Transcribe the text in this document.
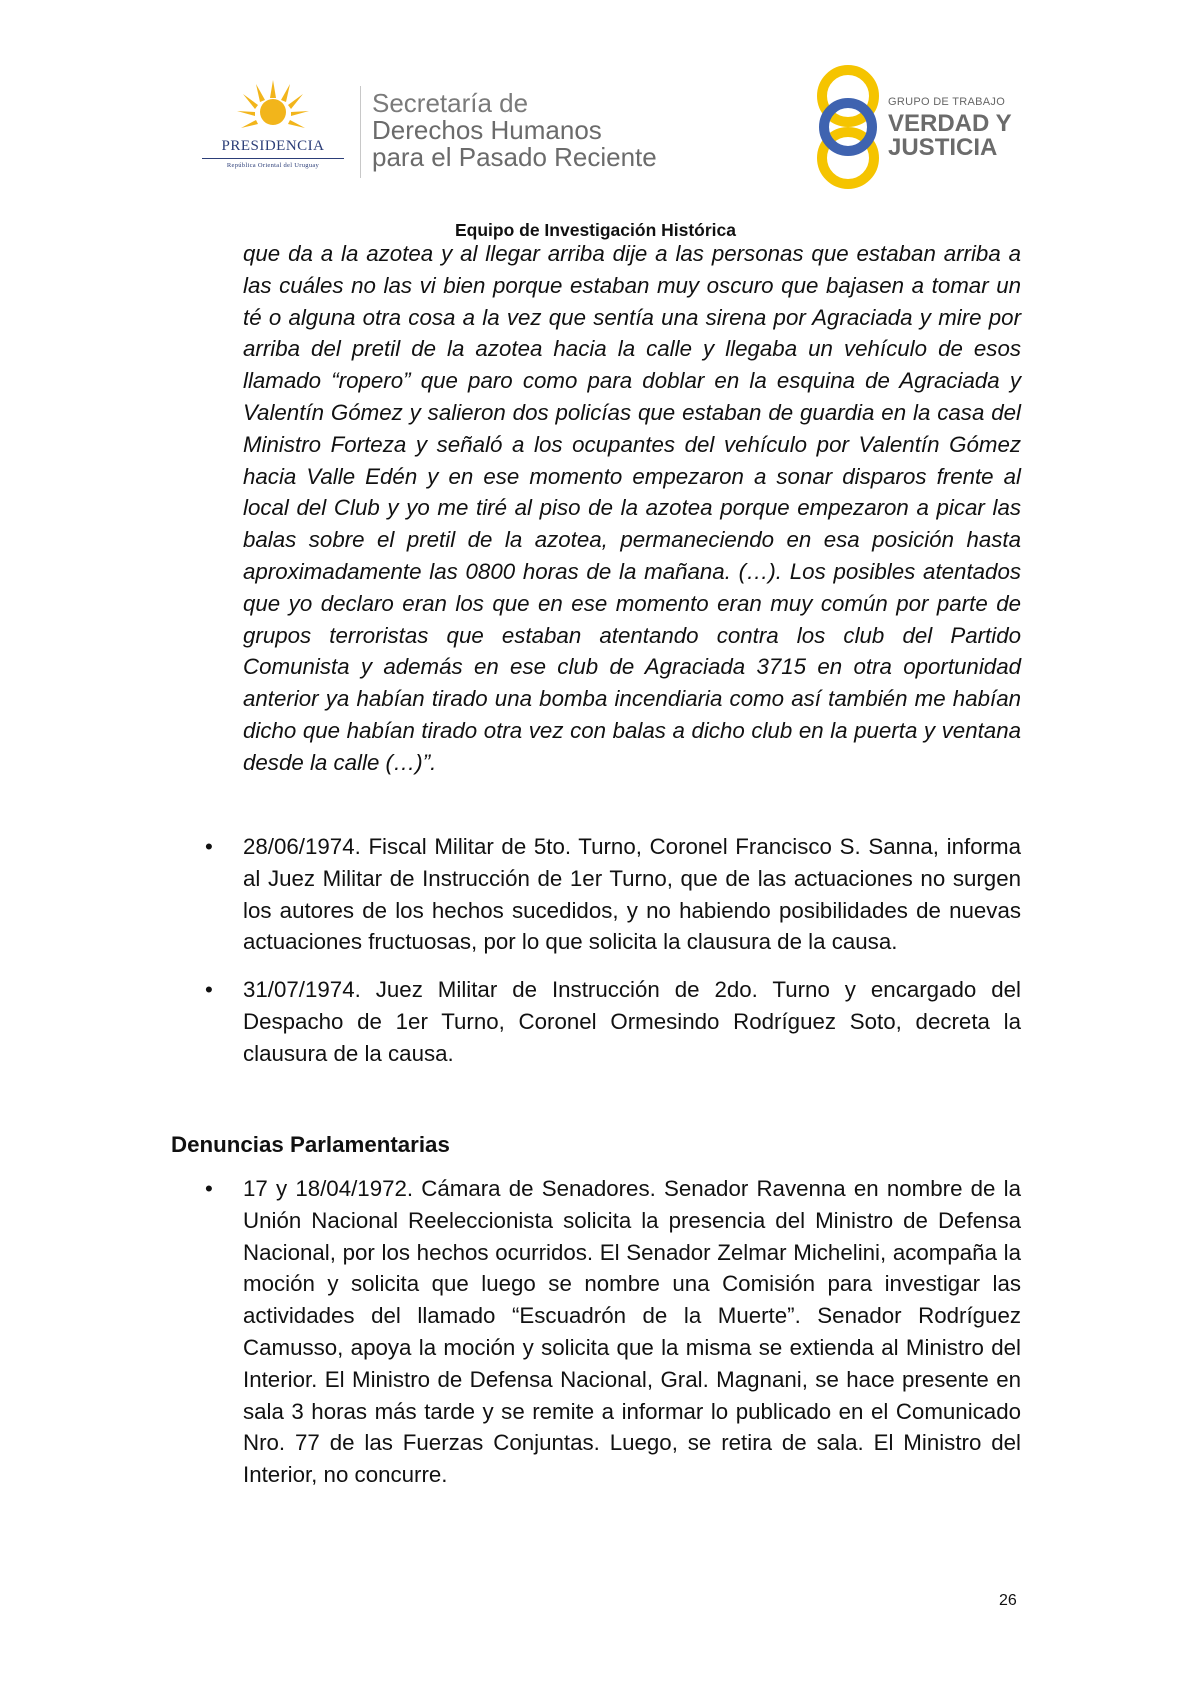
PRESIDENCIA
República Oriental del Uruguay
Secretaría de
Derechos Humanos
para el Pasado Reciente
GRUPO DE TRABAJO
VERDAD Y
JUSTICIA
Equipo de Investigación Histórica
que da a la azotea y al llegar arriba dije a las personas que estaban arriba a las cuáles no las vi bien porque estaban muy oscuro que bajasen a tomar un té o alguna otra cosa a la vez que sentía una sirena por Agraciada y mire por arriba del pretil de la azotea hacia la calle y llegaba un vehículo de esos llamado “ropero” que paro como para doblar en la esquina de Agraciada y Valentín Gómez y salieron dos policías que estaban de guardia en la casa del Ministro Forteza y señaló a los ocupantes del vehículo por Valentín Gómez hacia Valle Edén y en ese momento empezaron a sonar disparos frente al local del Club y yo me tiré al piso de la azotea porque empezaron a picar las balas sobre el pretil de la azotea, permaneciendo en esa posición hasta aproximadamente las 0800 horas de la mañana. (…). Los posibles atentados que yo declaro eran los que en ese momento eran muy común por parte de grupos terroristas que estaban atentando contra los club del Partido Comunista y además en ese club de Agraciada 3715 en otra oportunidad anterior ya habían tirado una bomba incendiaria como así también me habían dicho que habían tirado otra vez con balas a dicho club en la puerta y ventana desde la calle (…)”.
• 28/06/1974. Fiscal Militar de 5to. Turno, Coronel Francisco S. Sanna, informa al Juez Militar de Instrucción de 1er Turno, que de las actuaciones no surgen los autores de los hechos sucedidos, y no habiendo posibilidades de nuevas actuaciones fructuosas, por lo que solicita la clausura de la causa.
• 31/07/1974. Juez Militar de Instrucción de 2do. Turno y encargado del Despacho de 1er Turno, Coronel Ormesindo Rodríguez Soto, decreta la clausura de la causa.
Denuncias Parlamentarias
• 17 y 18/04/1972. Cámara de Senadores. Senador Ravenna en nombre de la Unión Nacional Reeleccionista solicita la presencia del Ministro de Defensa Nacional, por los hechos ocurridos. El Senador Zelmar Michelini, acompaña la moción y solicita que luego se nombre una Comisión para investigar las actividades del llamado “Escuadrón de la Muerte”. Senador Rodríguez Camusso, apoya la moción y solicita que la misma se extienda al Ministro del Interior. El Ministro de Defensa Nacional, Gral. Magnani, se hace presente en sala 3 horas más tarde y se remite a informar lo publicado en el Comunicado Nro. 77 de las Fuerzas Conjuntas. Luego, se retira de sala. El Ministro del Interior, no concurre.
26
